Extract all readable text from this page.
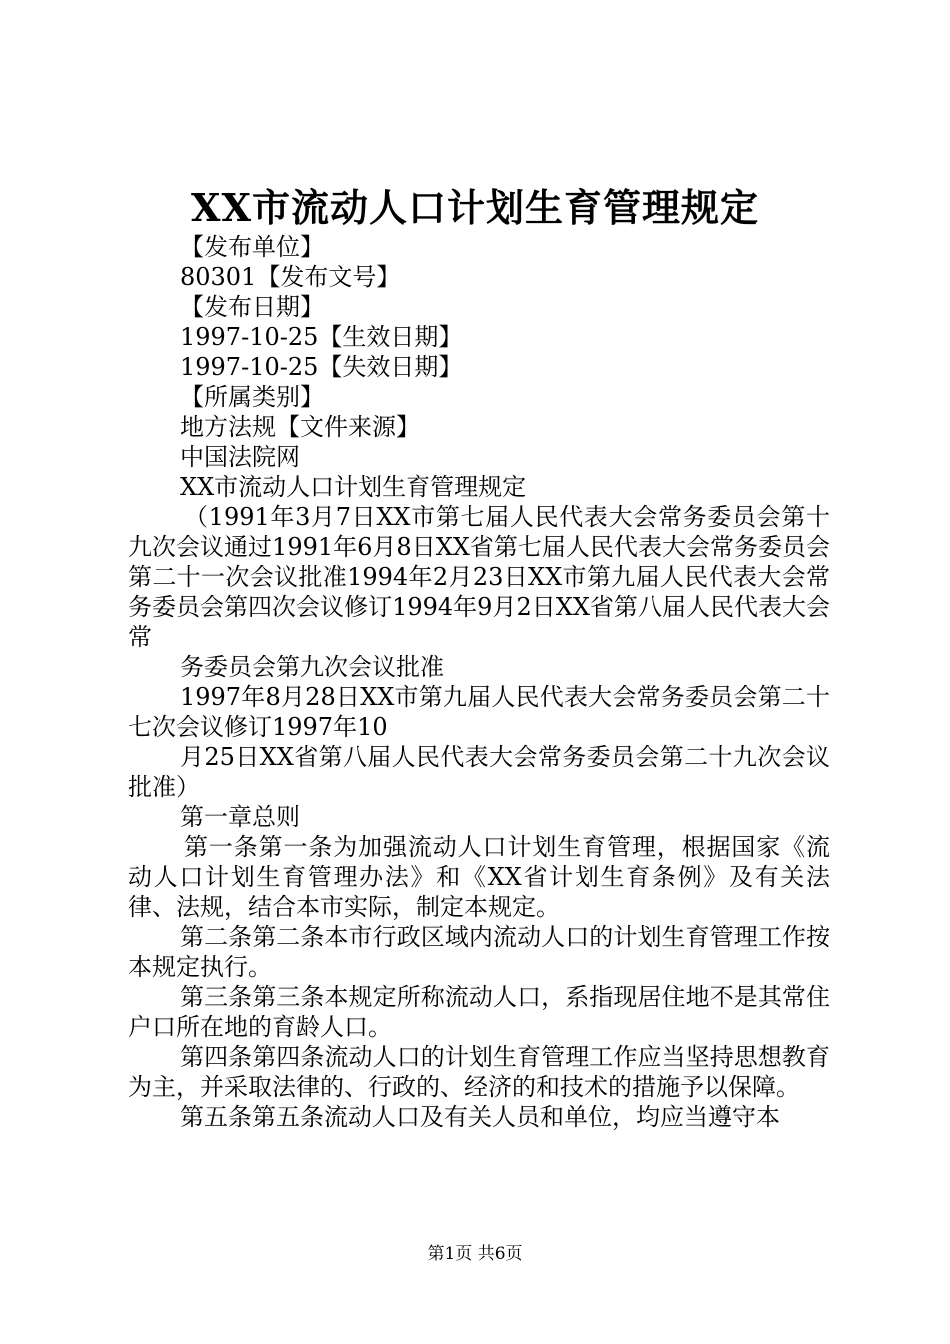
XX市流动人口计划生育管理规定

【发布单位】

80301【发布文号】

【发布日期】

1997-10-25【生效日期】

1997-10-25【失效日期】

【所属类别】

地方法规【文件来源】

中国法院网

XX市流动人口计划生育管理规定

（1991年3月7日XX市第七届人民代表大会常务委员会第十九次会议通过1991年6月8日XX省第七届人民代表大会常务委员会第二十一次会议批准1994年2月23日XX市第九届人民代表大会常务委员会第四次会议修订1994年9月2日XX省第八届人民代表大会常

务委员会第九次会议批准

1997年8月28日XX市第九届人民代表大会常务委员会第二十七次会议修订1997年10

月25日XX省第八届人民代表大会常务委员会第二十九次会议批准）

第一章总则

第一条第一条为加强流动人口计划生育管理，根据国家《流动人口计划生育管理办法》和《XX省计划生育条例》及有关法律、法规，结合本市实际，制定本规定。

第二条第二条本市行政区域内流动人口的计划生育管理工作按本规定执行。

第三条第三条本规定所称流动人口，系指现居住地不是其常住户口所在地的育龄人口。

第四条第四条流动人口的计划生育管理工作应当坚持思想教育为主，并采取法律的、行政的、经济的和技术的措施予以保障。

第五条第五条流动人口及有关人员和单位，均应当遵守本

第1页 共6页
